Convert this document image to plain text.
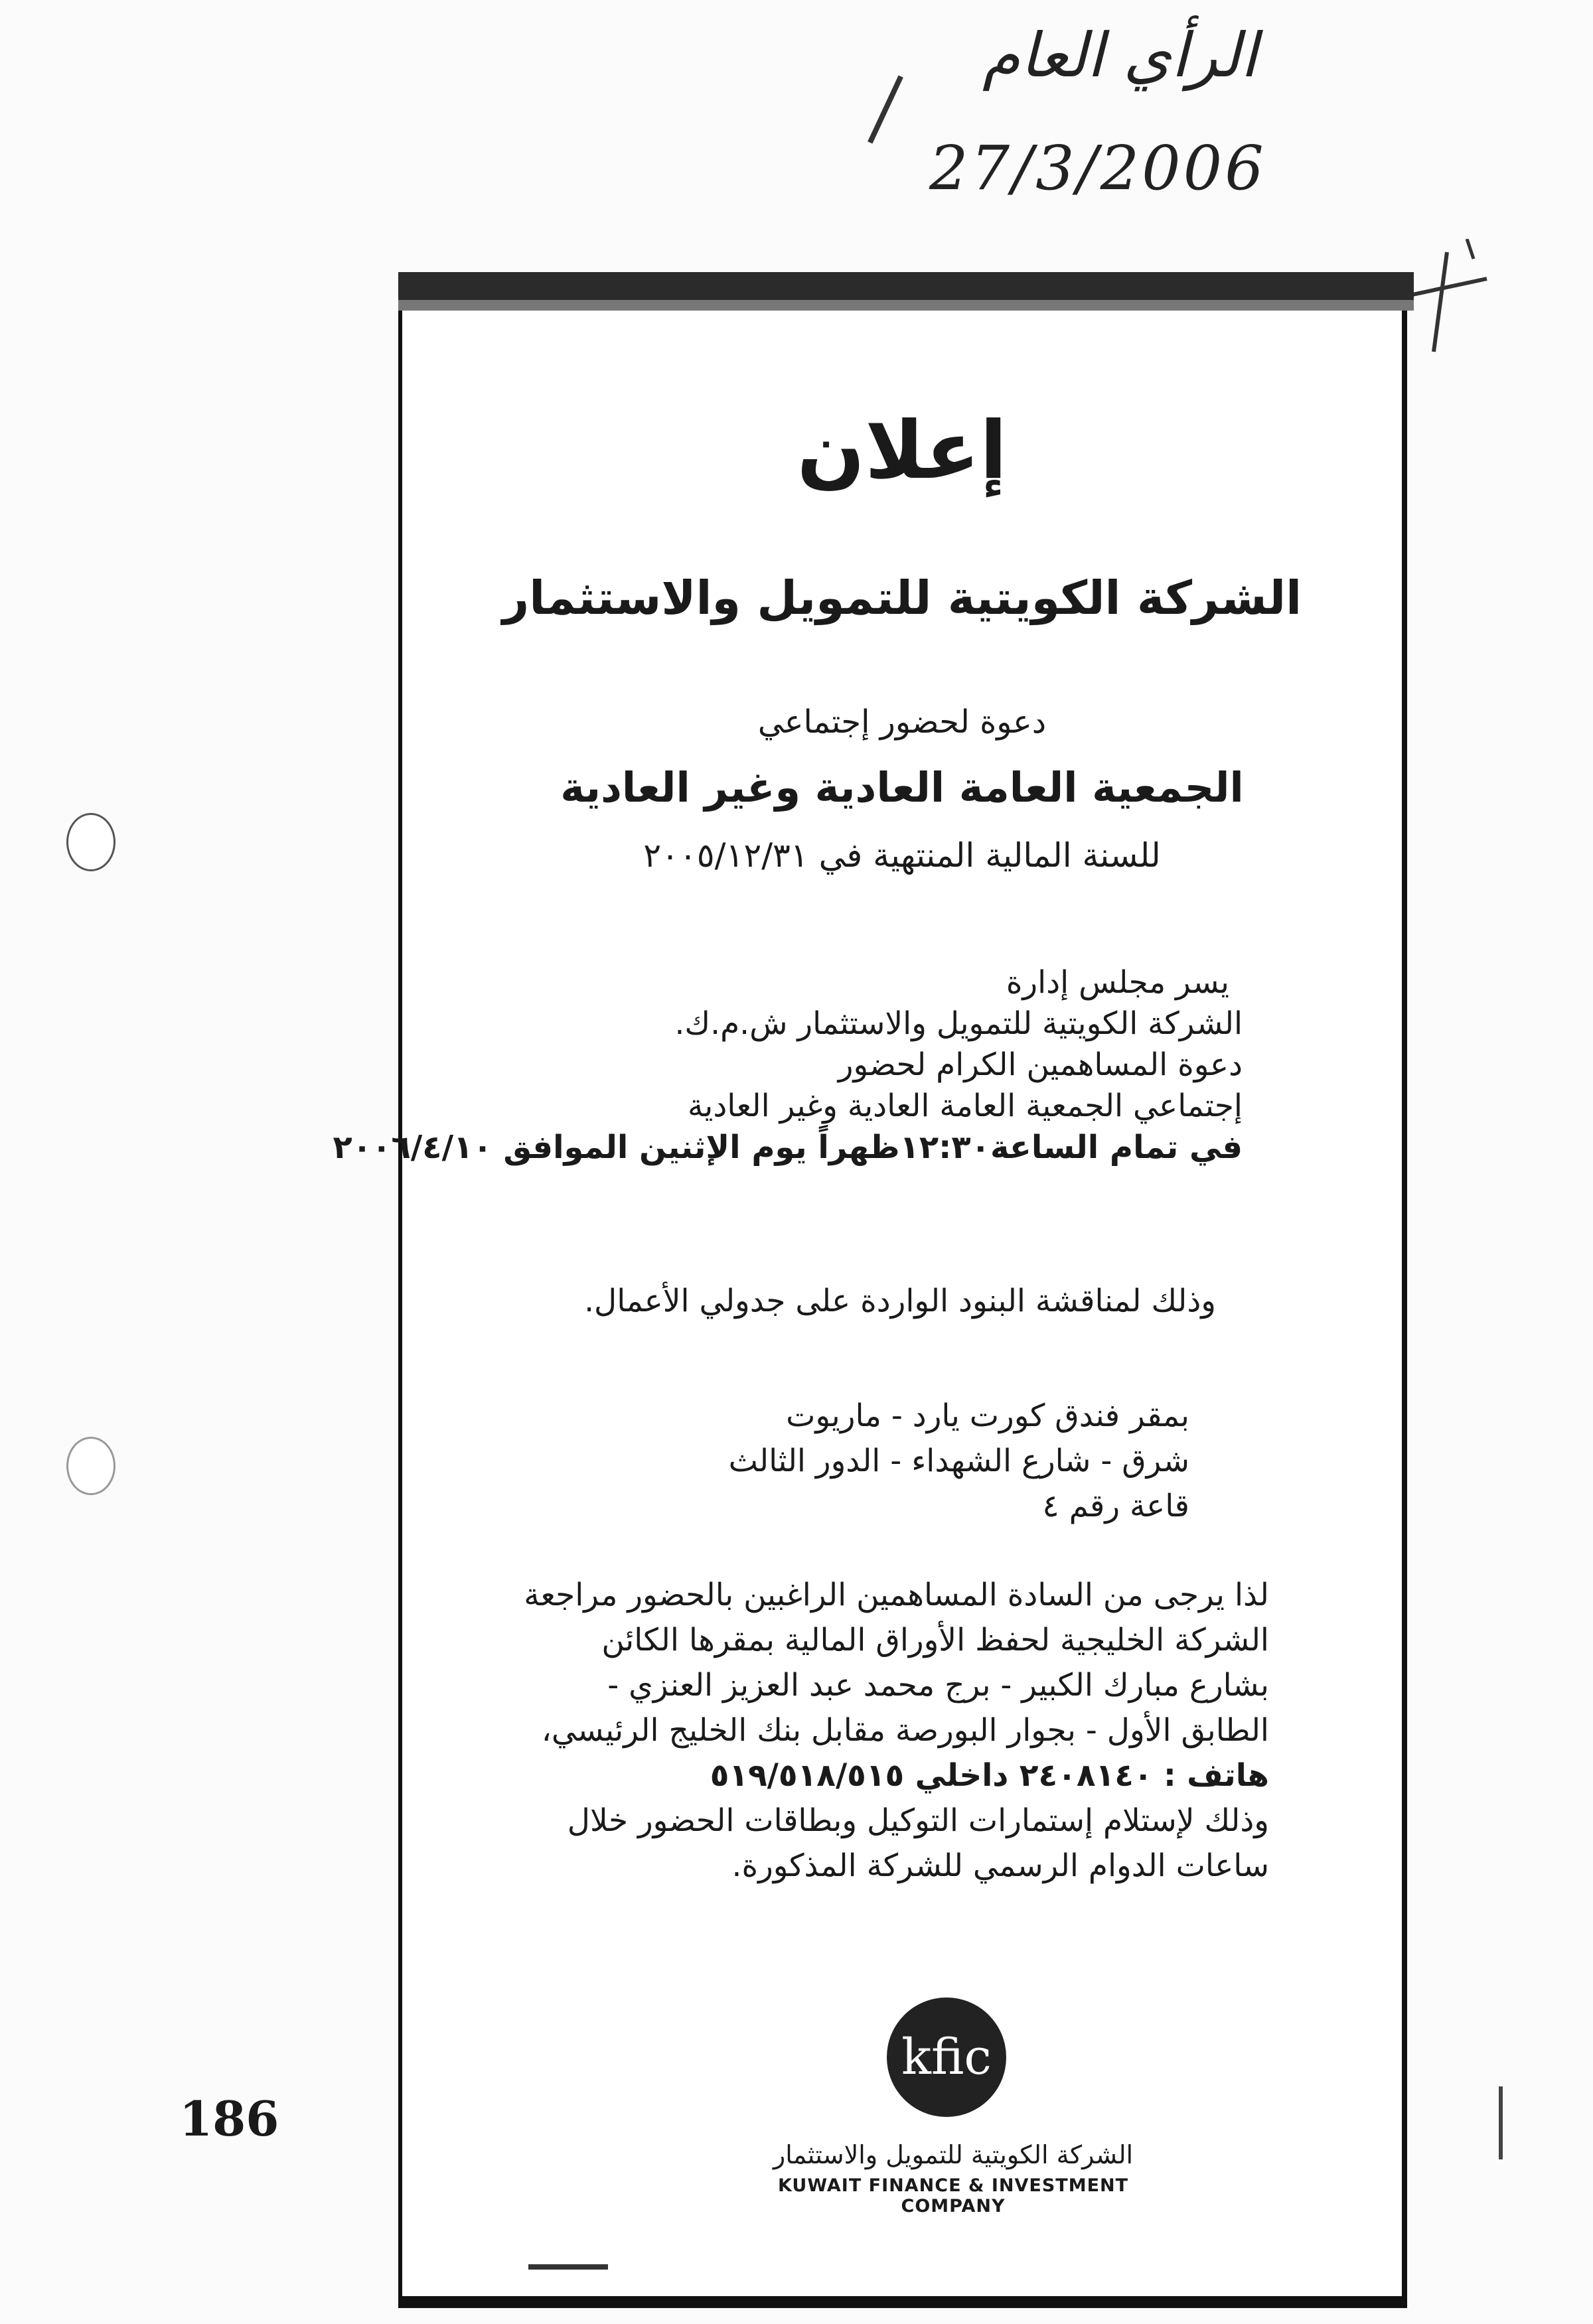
الرأي العام
27/3/2006
إعلان
الشركة الكويتية للتمويل والاستثمار
دعوة لحضور إجتماعي
الجمعية العامة العادية وغير العادية
للسنة المالية المنتهية في ٢٠٠٥/١٢/٣١
يسر مجلس إدارة
الشركة الكويتية للتمويل والاستثمار ش.م.ك.
دعوة المساهمين الكرام لحضور
إجتماعي الجمعية العامة العادية وغير العادية
في تمام الساعة١٢:٣٠ظهراً يوم الإثنين الموافق ٢٠٠٦/٤/١٠
وذلك لمناقشة البنود الواردة على جدولي الأعمال.
بمقر فندق كورت يارد - ماريوت
شرق - شارع الشهداء - الدور الثالث
قاعة رقم ٤
لذا يرجى من السادة المساهمين الراغبين بالحضور مراجعة
الشركة الخليجية لحفظ الأوراق المالية بمقرها الكائن
بشارع مبارك الكبير - برج محمد عبد العزيز العنزي -
الطابق الأول - بجوار البورصة مقابل بنك الخليج الرئيسي،
هاتف : ٢٤٠٨١٤٠ داخلي ٥١٩/٥١٨/٥١٥
وذلك لإستلام إستمارات التوكيل وبطاقات الحضور خلال
ساعات الدوام الرسمي للشركة المذكورة.
kfic
الشركة الكويتية للتمويل والاستثمار
KUWAIT FINANCE & INVESTMENT COMPANY
186
